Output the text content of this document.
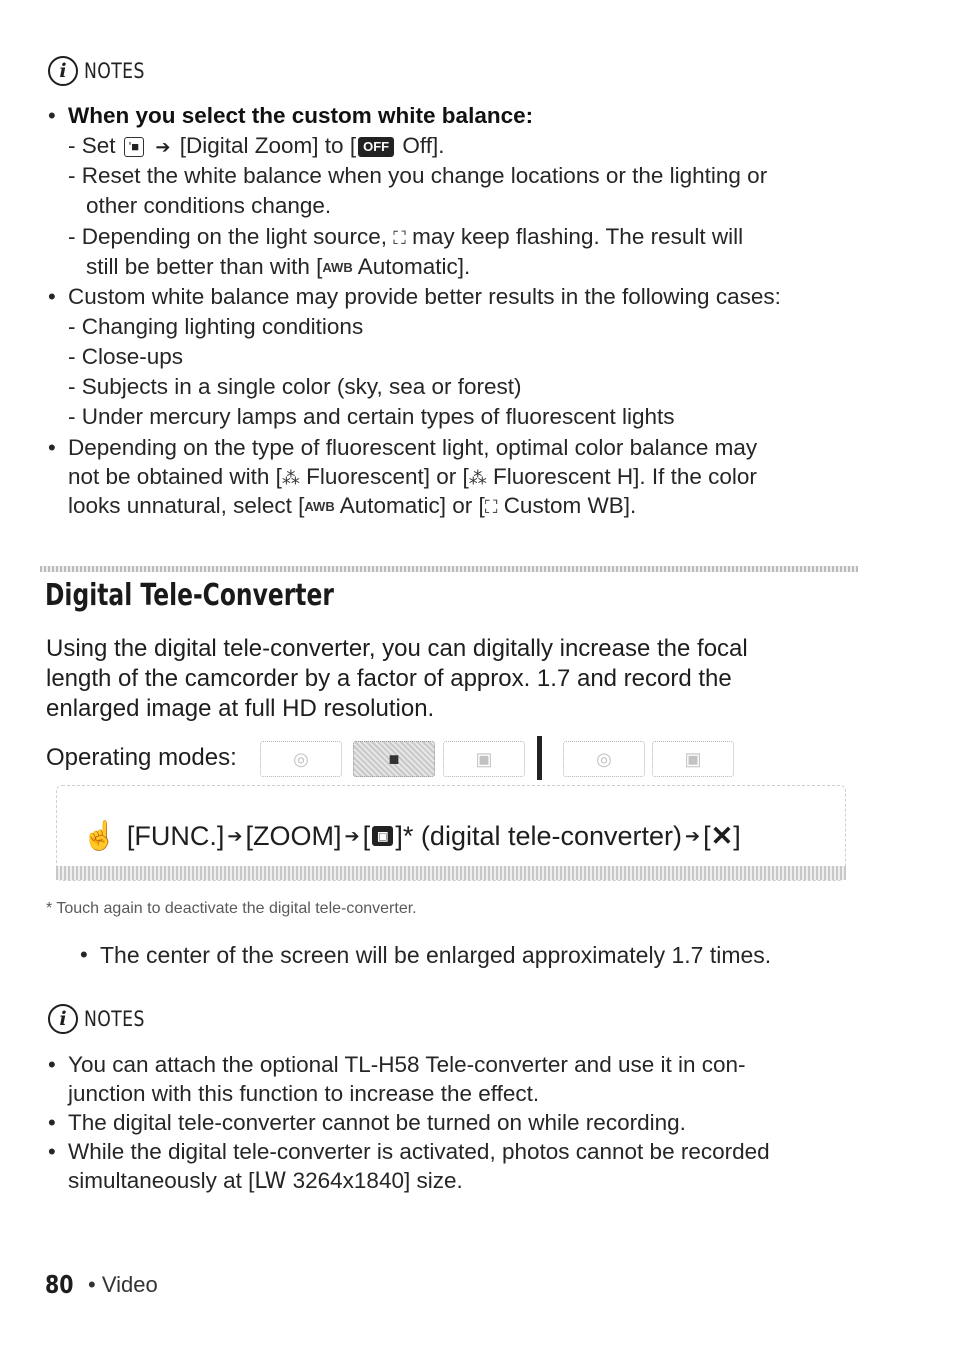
i NOTES
• When you select the custom white balance:
- Set '■ ➔ [Digital Zoom] to [ OFF Off].
- Reset the white balance when you change locations or the lighting or
other conditions change.
- Depending on the light source, ⛶ may keep flashing. The result will
still be better than with [AWB Automatic].
• Custom white balance may provide better results in the following cases:
- Changing lighting conditions
- Close-ups
- Subjects in a single color (sky, sea or forest)
- Under mercury lamps and certain types of fluorescent lights
• Depending on the type of fluorescent light, optimal color balance may
not be obtained with [⁂ Fluorescent] or [⁂ Fluorescent H]. If the color
looks unnatural, select [AWB Automatic] or [⛶ Custom WB].
Digital Tele-Converter
Using the digital tele-converter, you can digitally increase the focal
length of the camcorder by a factor of approx. 1.7 and record the
enlarged image at full HD resolution.
Operating modes:	◎	■	▣	◎	▣
☝ [FUNC.] ➔ [ZOOM] ➔ [ ▣ ]* (digital tele-converter) ➔ [ ✕ ]
* Touch again to deactivate the digital tele-converter.
• The center of the screen will be enlarged approximately 1.7 times.
i NOTES
• You can attach the optional TL-H58 Tele-converter and use it in con-
junction with this function to increase the effect.
• The digital tele-converter cannot be turned on while recording.
• While the digital tele-converter is activated, photos cannot be recorded
simultaneously at [LW 3264x1840] size.
80 • Video
